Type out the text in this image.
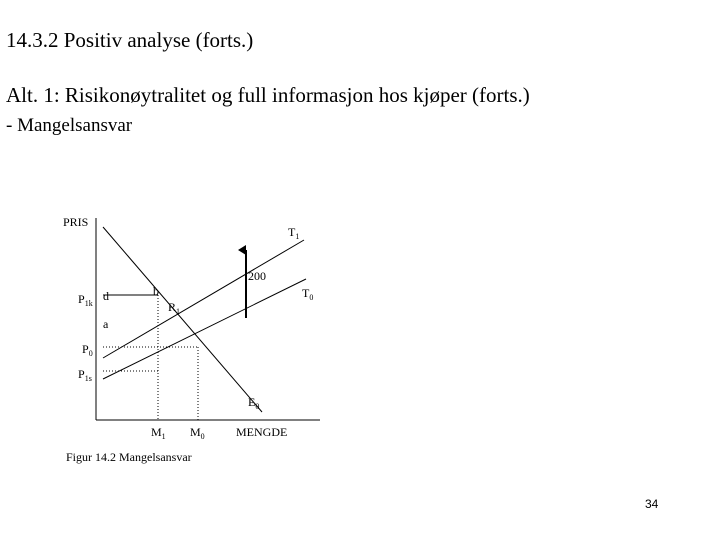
14.3.2 Positiv analyse (forts.)
Alt. 1: Risikonøytralitet og full informasjon hos kjøper (forts.)
- Mangelsansvar
PRIS
MENGDE
$T_1$
$T_0$
$R_1$
$E_0$
200
$P_{1k}$
$P_0$
$P_{1s}$
$M_1$ $M_0$
d
a
b
Figur 14.2 Mangelsansvar
34
